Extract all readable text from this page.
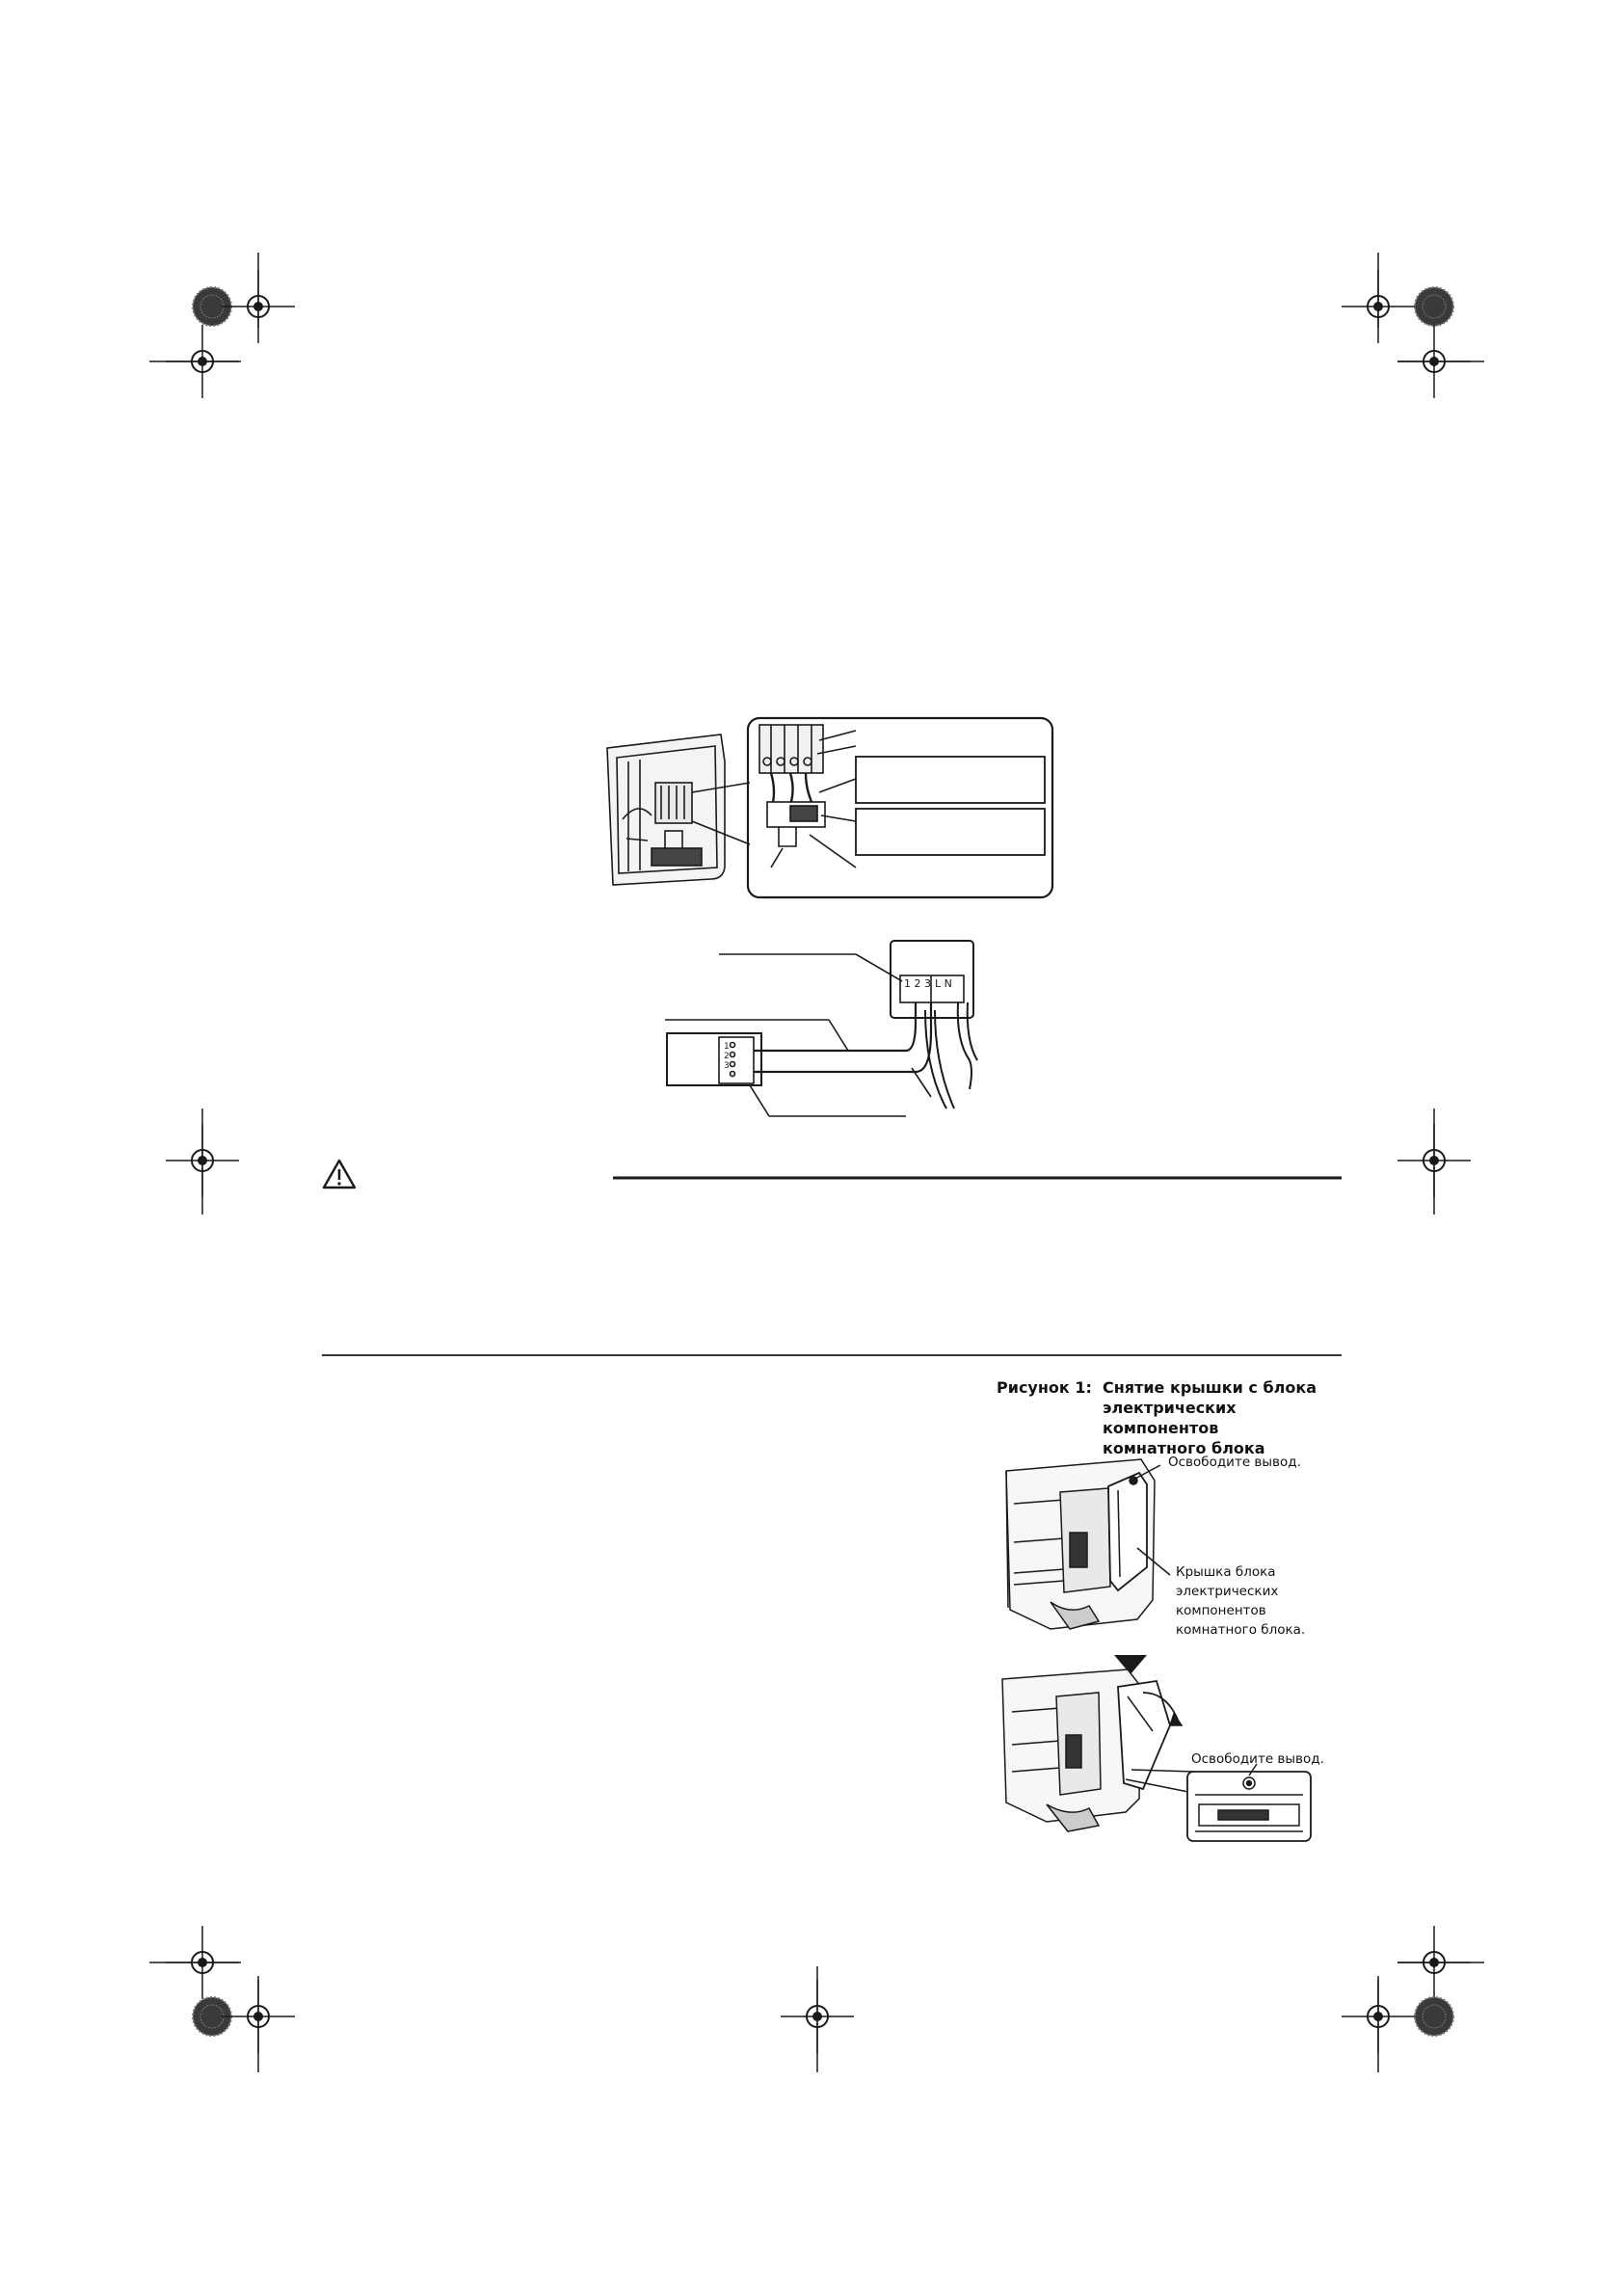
1 2 3 L N
1
2
3
Рисунок 1: Снятие крышки с блока
электрических компонентов
комнатного блока
Освободите вывод.
Крышка блока
электрических
компонентов
комнатного блока.
Освободите вывод.
